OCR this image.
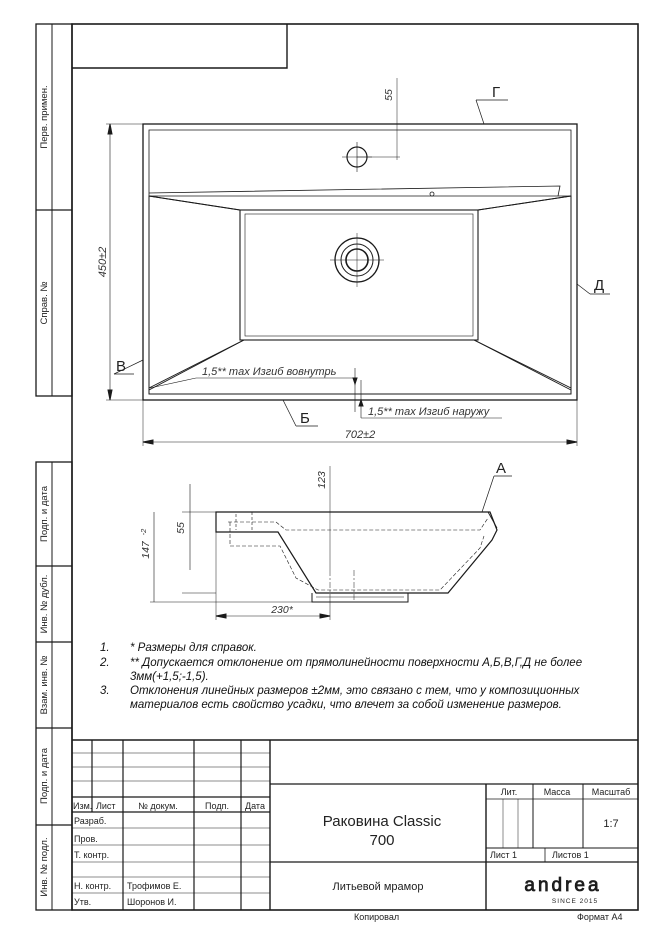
Перв. примен.
Справ. №
Подп. и дата
Инв. № дубл.
Взам. инв. №
Подп. и дата
Инв. № подл.
55
450±2
702±2
Г
Д
В
Б
1,5** max Изгиб вовнутрь
1,5** max Изгиб наружу
123
55
147
-2
230*
А
Изм. Лист	№ докум.	Подп. Дата
Разраб.
Пров.
Т. контр.
Н. контр. Трофимов Е.
Утв.	Шоронов И.
Раковина Classic
700
Литьевой мрамор
Лит.	Масса Масштаб
1:7
Лист 1	Листов 1
andrea
SINCE 2015
Копировал	Формат А4
1. * Размеры для справок.
2. ** Допускается отклонение от прямолинейности поверхности А,Б,В,Г,Д не более
3мм(+1,5;-1,5).
3. Отклонения линейных размеров ±2мм, это связано с тем, что у композиционных
материалов есть свойство усадки, что влечет за собой изменение размеров.
